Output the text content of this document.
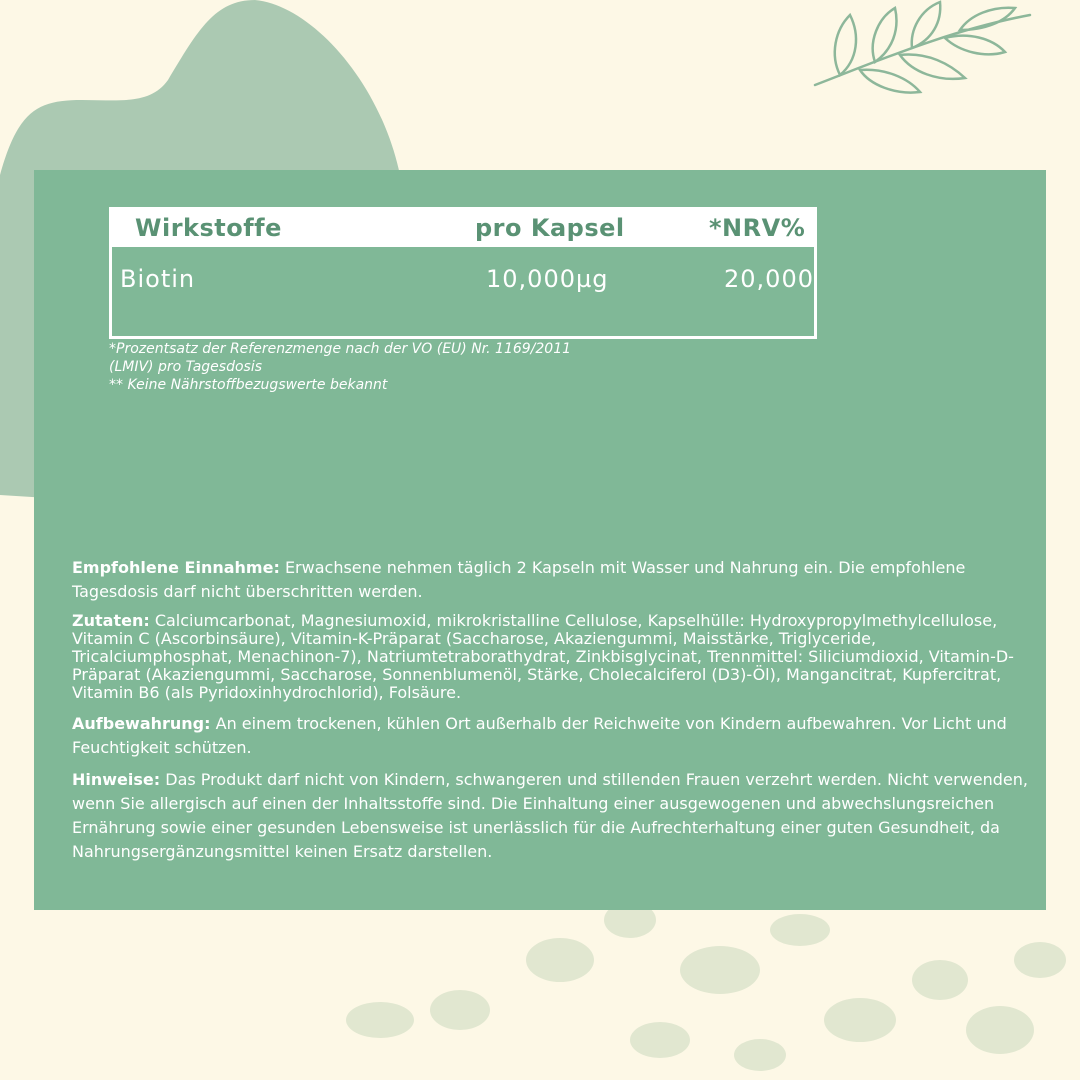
Wirkstoffe	pro Kapsel	*NRV%
Biotin	10,000µg	20,000
*Prozentsatz der Referenzmenge nach der VO (EU) Nr. 1169/2011
(LMIV) pro Tagesdosis
** Keine Nährstoffbezugswerte bekannt

Empfohlene Einnahme: Erwachsene nehmen täglich 2 Kapseln mit Wasser und Nahrung ein. Die empfohlene Tagesdosis darf nicht überschritten werden.

Zutaten: Calciumcarbonat, Magnesiumoxid, mikrokristalline Cellulose, Kapselhülle: Hydroxypropylmethylcellulose, Vitamin C (Ascorbinsäure), Vitamin-K-Präparat (Saccharose, Akaziengummi, Maisstärke, Triglyceride, Tricalciumphosphat, Menachinon-7), Natriumtetraborathydrat, Zinkbisglycinat, Trennmittel: Siliciumdioxid, Vitamin-D-Präparat (Akaziengummi, Saccharose, Sonnenblumenöl, Stärke, Cholecalciferol (D3)-Öl), Mangancitrat, Kupfercitrat, Vitamin B6 (als Pyridoxinhydrochlorid), Folsäure.

Aufbewahrung: An einem trockenen, kühlen Ort außerhalb der Reichweite von Kindern aufbewahren. Vor Licht und Feuchtigkeit schützen.

Hinweise: Das Produkt darf nicht von Kindern, schwangeren und stillenden Frauen verzehrt werden. Nicht verwenden, wenn Sie allergisch auf einen der Inhaltsstoffe sind. Die Einhaltung einer ausgewogenen und abwechslungsreichen Ernährung sowie einer gesunden Lebensweise ist unerlässlich für die Aufrechterhaltung einer guten Gesundheit, da Nahrungsergänzungsmittel keinen Ersatz darstellen.
